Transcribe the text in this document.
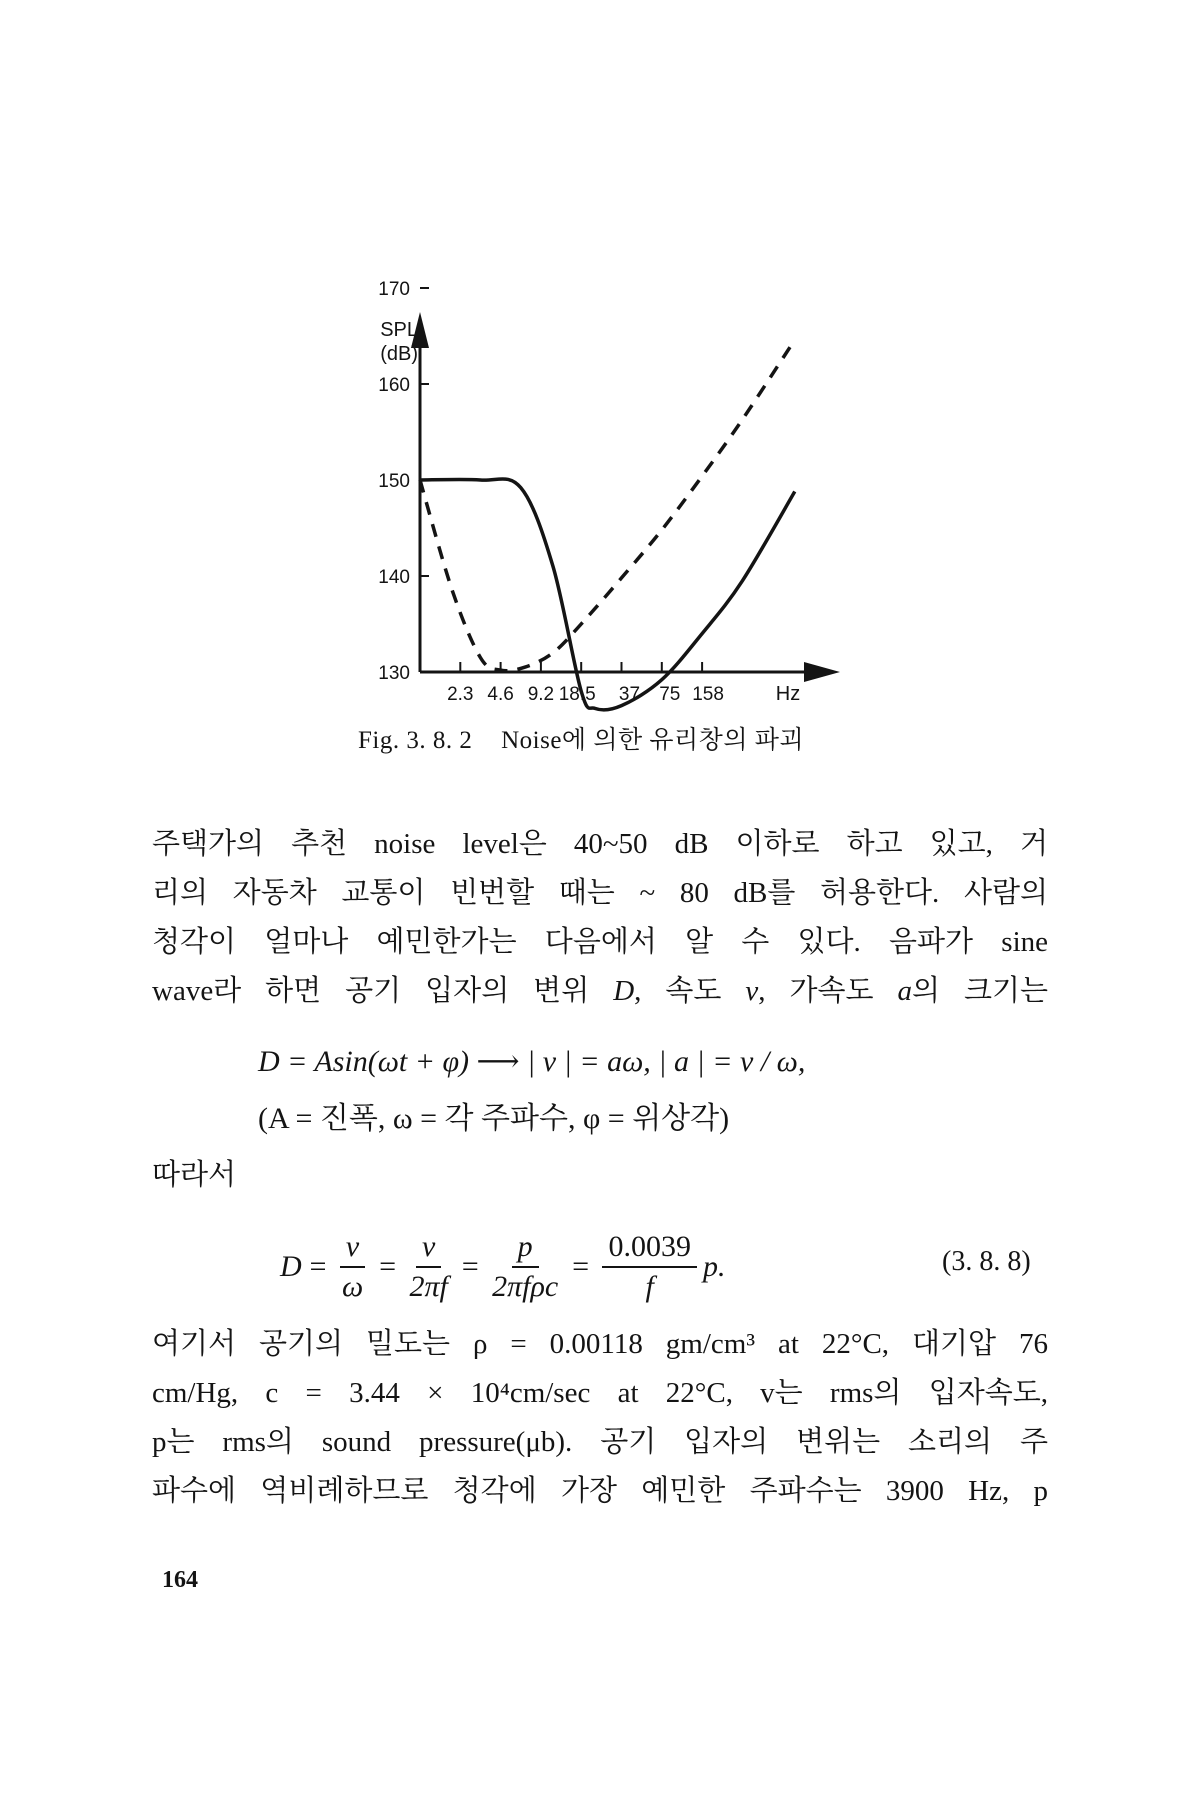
170
160
150
140
130
2.3 4.6 9.2 18.5 37 75 158
SPL
(dB)
Hz
Fig. 3. 8. 2 Noise에 의한 유리창의 파괴
주택가의 추천 noise level은 40~50 dB 이하로 하고 있고, 거
리의 자동차 교통이 빈번할 때는 ~ 80 dB를 허용한다. 사람의
청각이 얼마나 예민한가는 다음에서 알 수 있다. 음파가 sine
wave라 하면 공기 입자의 변위 D, 속도 v, 가속도 a의 크기는
D = Asin(ωt + φ) ⟶ | v | = aω, | a | = v / ω,
(A = 진폭, ω = 각 주파수, φ = 위상각)
따라서
$D = \frac{v}{\omega} = \frac{v}{2\pi f} = \frac{p}{\text{2πfρc}} = \frac{0.0039}{f} p$.	(3. 8. 8)
여기서 공기의 밀도는 ρ = 0.00118 gm/cm³ at 22°C, 대기압 76
cm/Hg, c = 3.44 × 10⁴cm/sec at 22°C, v는 rms의 입자속도,
p는 rms의 sound pressure(μb). 공기 입자의 변위는 소리의 주
파수에 역비례하므로 청각에 가장 예민한 주파수는 3900 Hz, p
164
